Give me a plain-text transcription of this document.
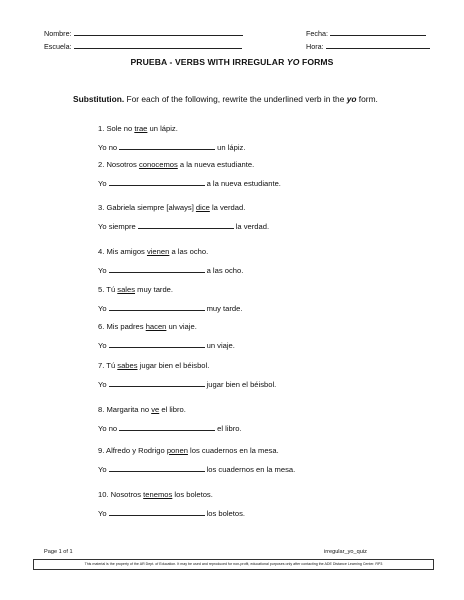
Nombre:
Escuela:
Fecha:
Hora:
PRUEBA - VERBS WITH IRREGULAR YO FORMS
Substitution. For each of the following, rewrite the underlined verb in the yo form.
1. Sole no trae un lápiz.
Yo no	un lápiz.
2. Nosotros conocemos a la nueva estudiante.
Yo	a la nueva estudiante.
3. Gabriela siempre [always] dice la verdad.
Yo siempre	la verdad.
4. Mis amigos vienen a las ocho.
Yo	a las ocho.
5. Tú sales muy tarde.
Yo	muy tarde.
6. Mis padres hacen un viaje.
Yo	un viaje.
7. Tú sabes jugar bien el béisbol.
Yo	jugar bien el béisbol.
8. Margarita no ve el libro.
Yo no	el libro.
9. Alfredo y Rodrigo ponen los cuadernos en la mesa.
Yo	los cuadernos en la mesa.
10. Nosotros tenemos los boletos.
Yo	los boletos.
Page 1 of 1	irregular_yo_quiz
This material is the property of the AR Dept. of Education. It may be used and reproduced for non-profit, educational purposes only after contacting the ADE Distance Learning Center. RP3
